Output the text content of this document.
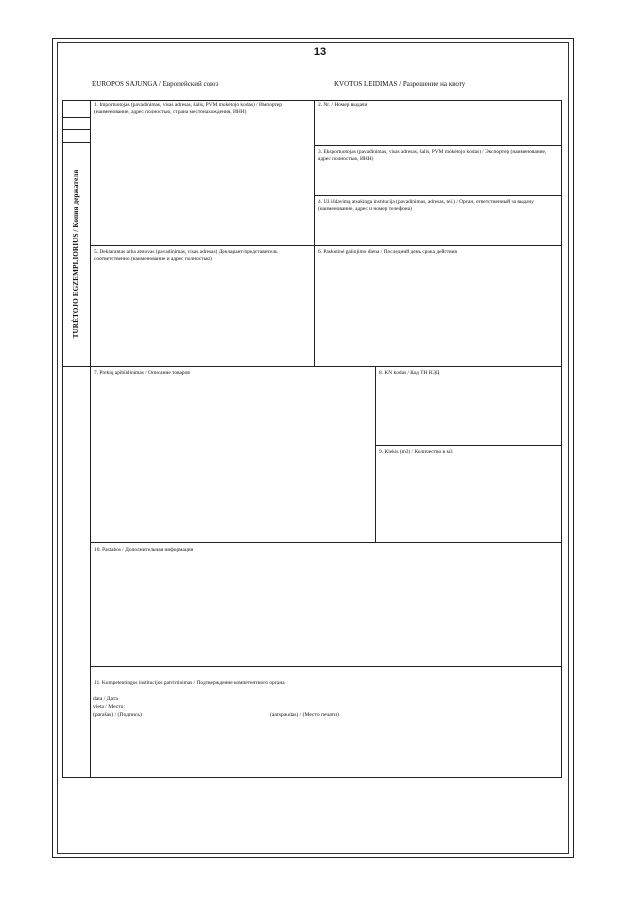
13
EUROPOS SAJUNGA / Европейский союз	KVOTOS LEIDIMAS / Разрешение на квоту
TURĖTOJO EGZEMPLIORIUS / Копия держателя
1. Importuotojas (pavadinimas, visas adresas, šalis, PVM mokėtojo kodas) / Импортер (наименование, адрес полностью, страна местонахождения, ИНН)
2. Nr. / Номер выдачи
3. Eksportuotojas (pavadinimas, visas adresas, šalis, PVM mokėtojo kodas) / Экспортер (наименование, адрес полностью, ИНН)
4. Už išdavimą atsakinga institucija (pavadinimas, adresas, tel.) / Орган, ответственный за выдачу (наименование, адрес и номер телефона)
5. Deklarantas arba atstovas (pavadinimas, visas adresas) Декларант/представитель соответственно (наименование и адрес полностью)
6. Paskutinė galiojimo diena / Последний день срока действия
7. Prekių apibūdinimas / Описание товаров	8. KN kodas / Код ТН ВЭД
9. Kiekis (m3) / Количество в м3
10. Pastabos / Дополнительная информация
11. Kompetentingos institucijos patvirtinimas / Подтверждение компетентного органа
data / Дата
vieta / Место:
(parašas) / (Подпись)	(antspaudas) / (Место печати)
